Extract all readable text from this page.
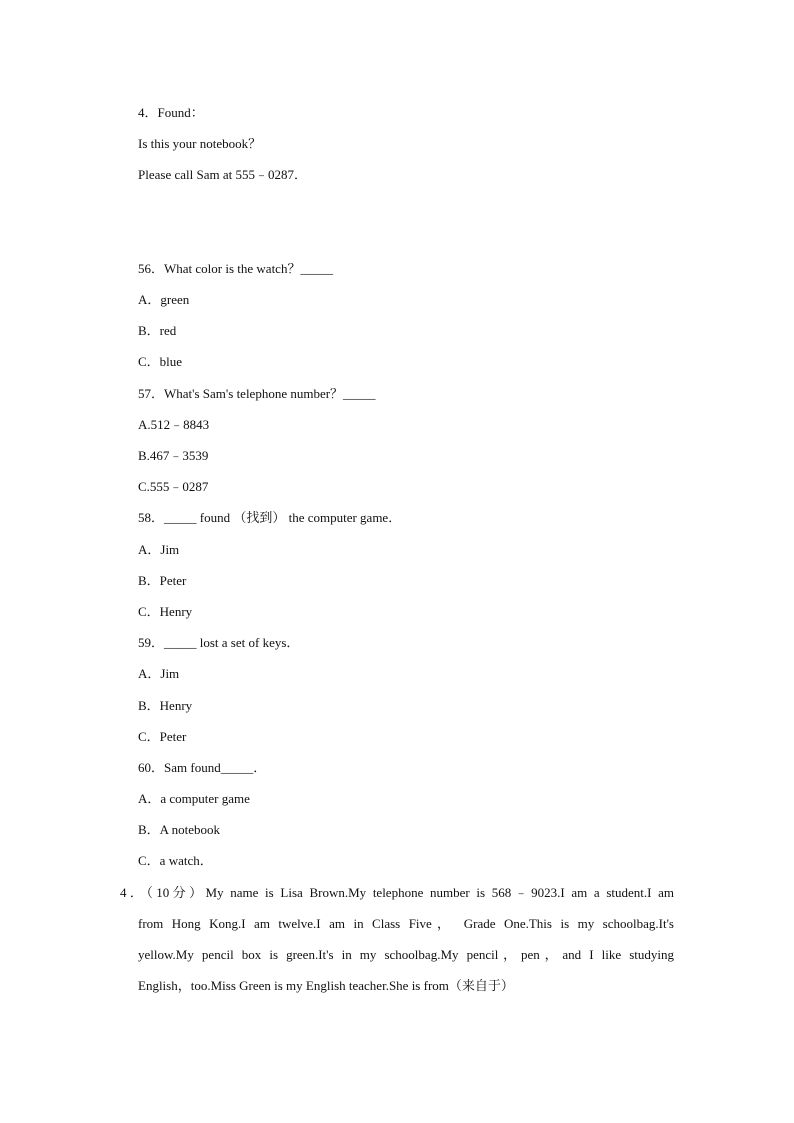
4．Found：
Is this your notebook？
Please call Sam at 555﹣0287．
56．What color is the watch？_____
A．green
B．red
C．blue
57．What's Sam's telephone number？_____
A.512﹣8843
B.467﹣3539
C.555﹣0287
58．_____ found （找到） the computer game．
A．Jim
B．Peter
C．Henry
59．_____ lost a set of keys．
A．Jim
B．Henry
C．Peter
60．Sam found_____．
A．a computer game
B．A notebook
C．a watch．
4．（10分）My name is Lisa Brown.My telephone number is 568﹣9023.I am a student.I am
from Hong Kong.I am twelve.I am in Class Five， Grade One.This is my schoolbag.It's
yellow.My pencil box is green.It's in my schoolbag.My pencil，pen，and I like studying
English，too.Miss Green is my English teacher.She is from（来自于）
